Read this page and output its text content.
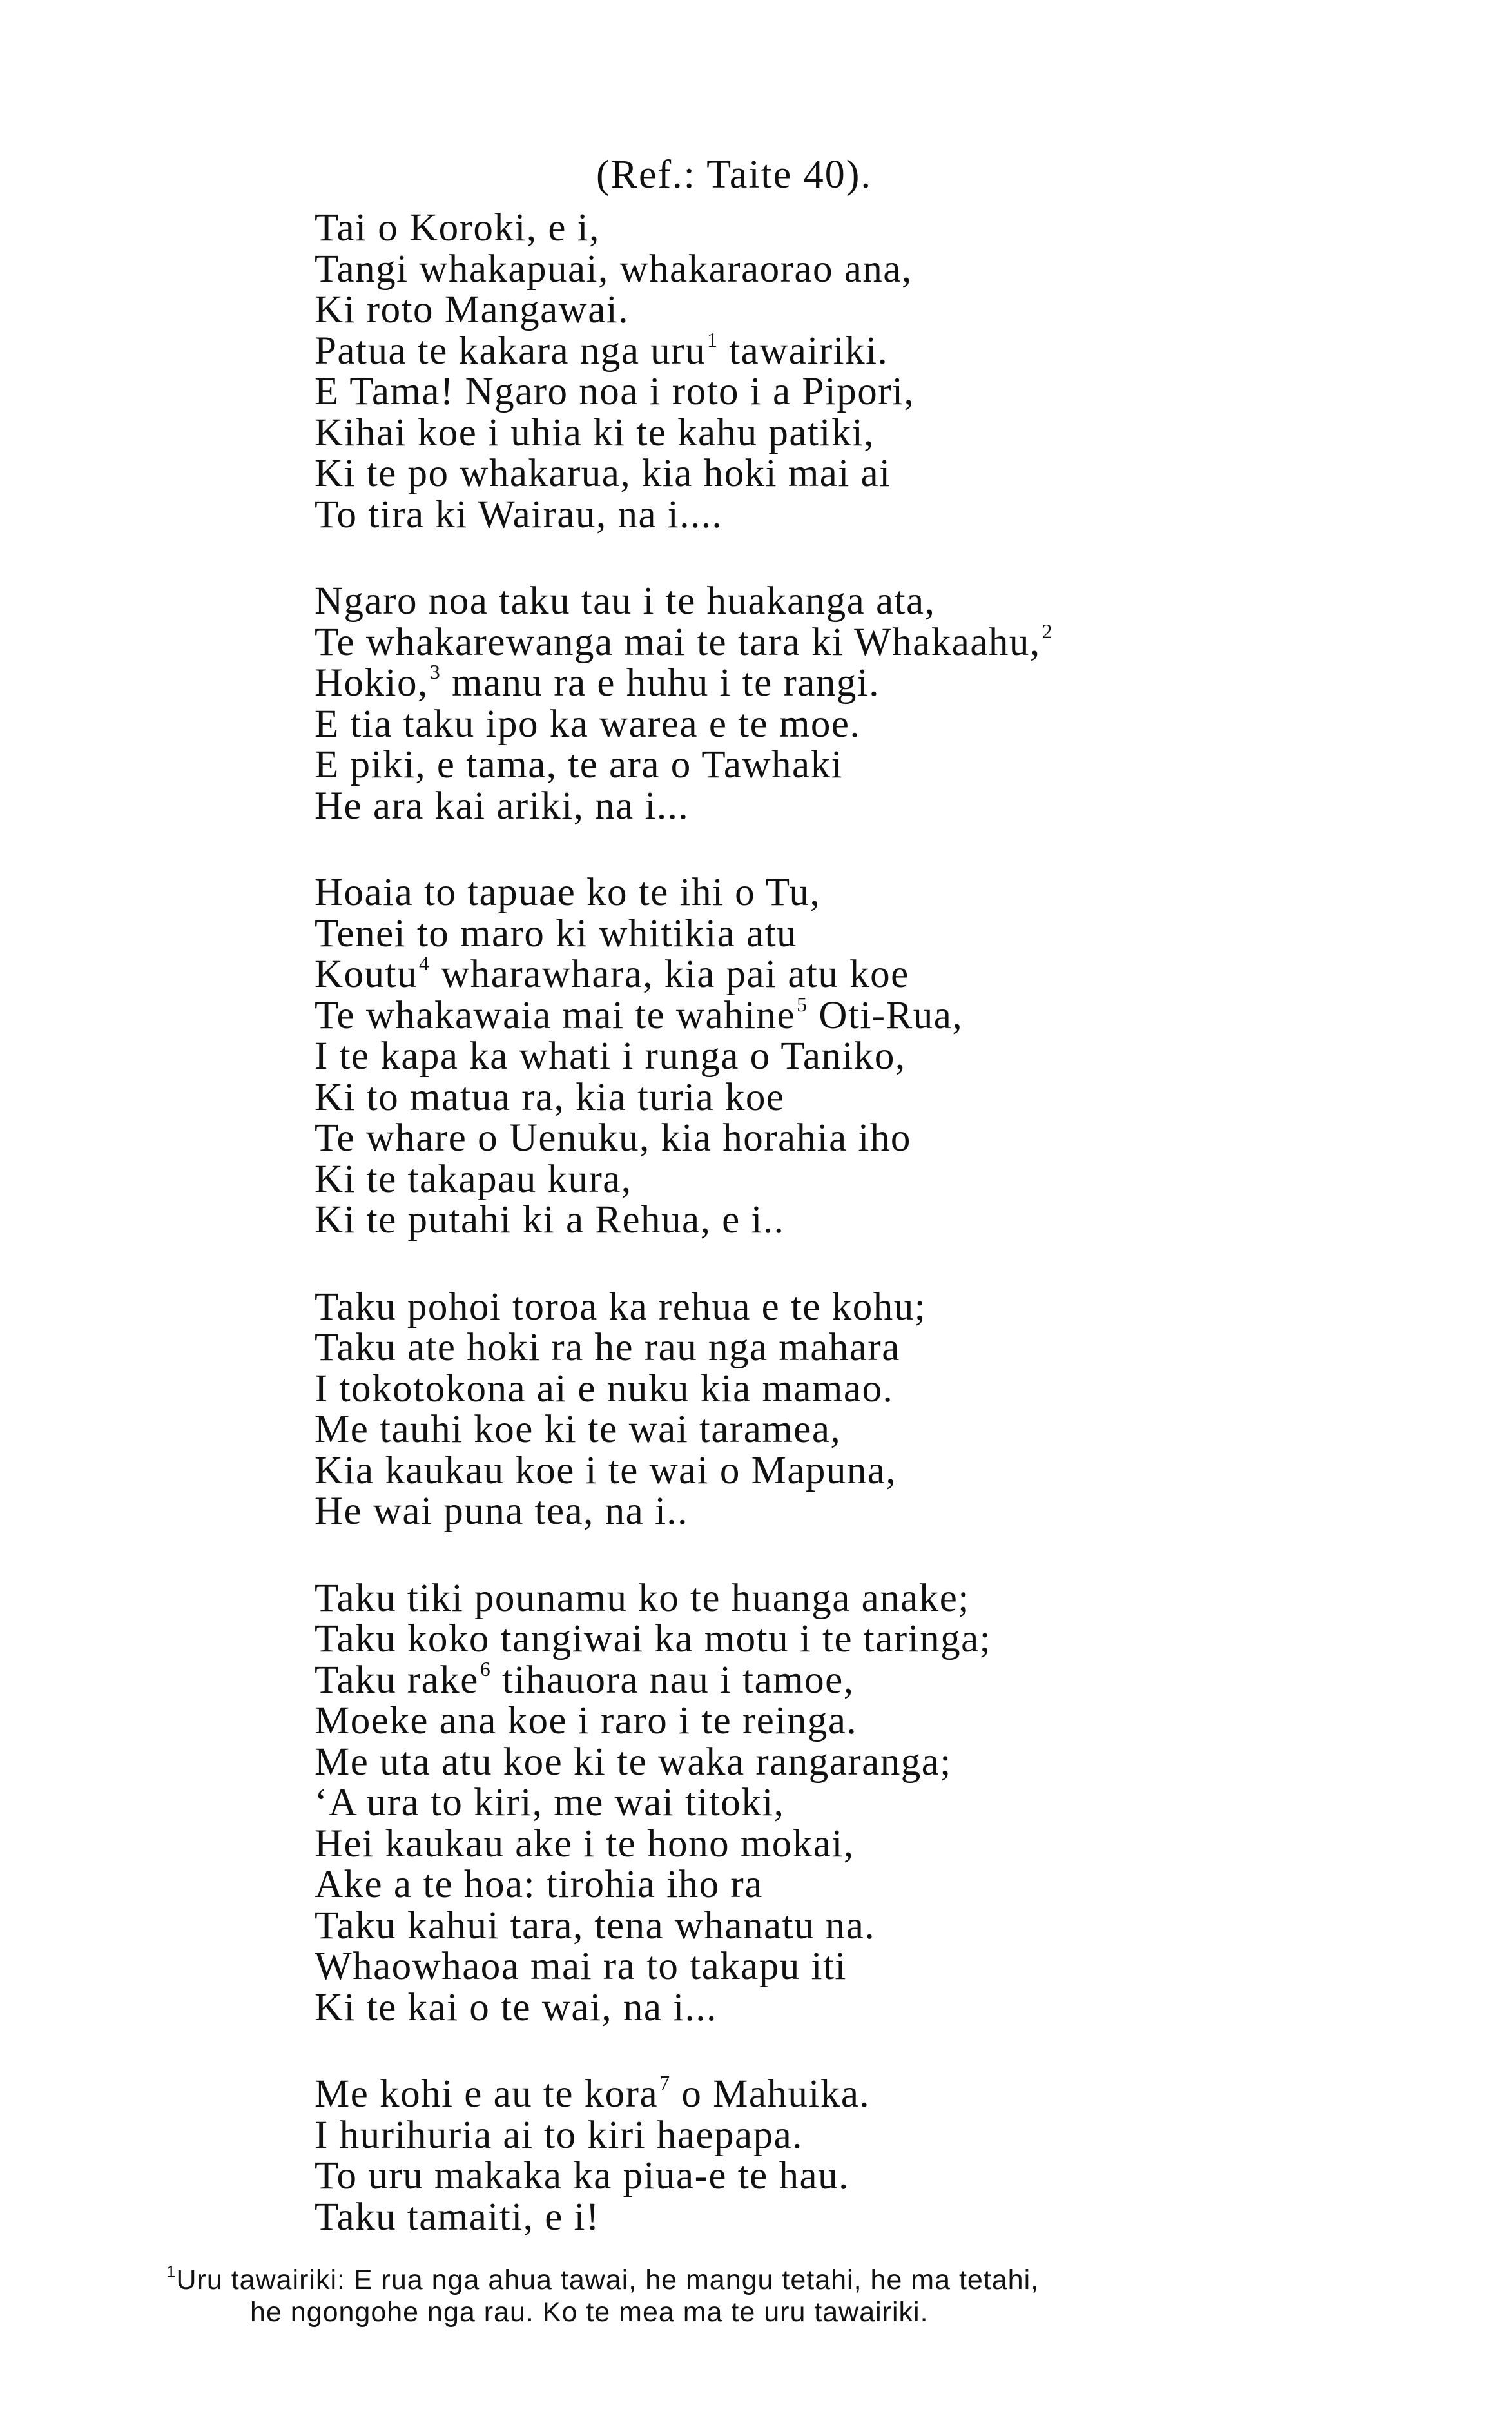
(Ref.: Taite 40).
Tai o Koroki, e i,
Tangi whakapuai, whakaraorao ana,
Ki roto Mangawai.
Patua te kakara nga uru$^1$ tawairiki.
E Tama! Ngaro noa i roto i a Pipori,
Kihai koe i uhia ki te kahu patiki,
Ki te po whakarua, kia hoki mai ai
To tira ki Wairau, na i....
Ngaro noa taku tau i te huakanga ata,
Te whakarewanga mai te tara ki Whakaahu,$^2$
Hokio,$^3$ manu ra e huhu i te rangi.
E tia taku ipo ka warea e te moe.
E piki, e tama, te ara o Tawhaki
He ara kai ariki, na i...
Hoaia to tapuae ko te ihi o Tu,
Tenei to maro ki whitikia atu
Koutu$^4$ wharawhara, kia pai atu koe
Te whakawaia mai te wahine$^5$ Oti-Rua,
I te kapa ka whati i runga o Taniko,
Ki to matua ra, kia turia koe
Te whare o Uenuku, kia horahia iho
Ki te takapau kura,
Ki te putahi ki a Rehua, e i..
Taku pohoi toroa ka rehua e te kohu;
Taku ate hoki ra he rau nga mahara
I tokotokona ai e nuku kia mamao.
Me tauhi koe ki te wai taramea,
Kia kaukau koe i te wai o Mapuna,
He wai puna tea, na i..
Taku tiki pounamu ko te huanga anake;
Taku koko tangiwai ka motu i te taringa;
Taku rake$^6$ tihauora nau i tamoe,
Moeke ana koe i raro i te reinga.
Me uta atu koe ki te waka rangaranga;
‘A ura to kiri, me wai titoki,
Hei kaukau ake i te hono mokai,
Ake a te hoa: tirohia iho ra
Taku kahui tara, tena whanatu na.
Whaowhaoa mai ra to takapu iti
Ki te kai o te wai, na i...
Me kohi e au te kora$^7$ o Mahuika.
I hurihuria ai to kiri haepapa.
To uru makaka ka piua-e te hau.
Taku tamaiti, e i!
$^1$Uru tawairiki: E rua nga ahua tawai, he mangu tetahi, he ma tetahi,
he ngongohe nga rau. Ko te mea ma te uru tawairiki.
